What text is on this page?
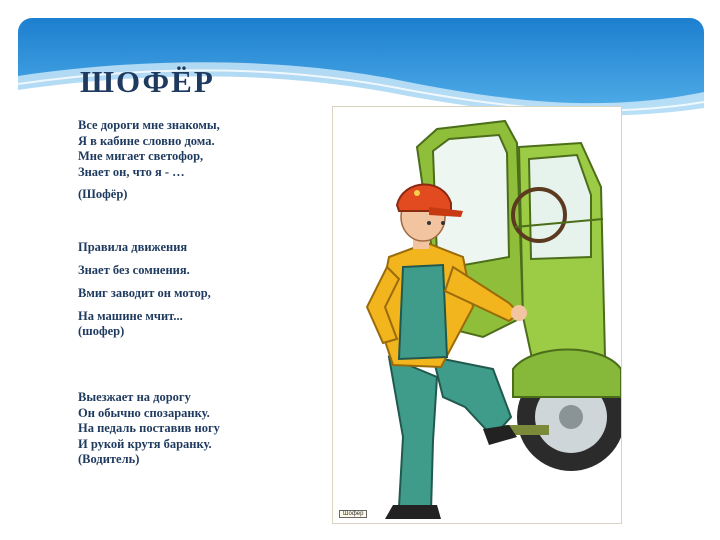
ШОФЁР
Все дороги мне знакомы,
Я в кабине словно дома.
Мне мигает светофор,
Знает он, что я - …
(Шофёр)
Правила движения
Знает без сомнения.
Вмиг заводит он мотор,
На машине мчит...
(шофер)
Выезжает на дорогу
Он обычно спозаранку.
На педаль поставив ногу
И рукой крутя баранку.
(Водитель)
Шофер
